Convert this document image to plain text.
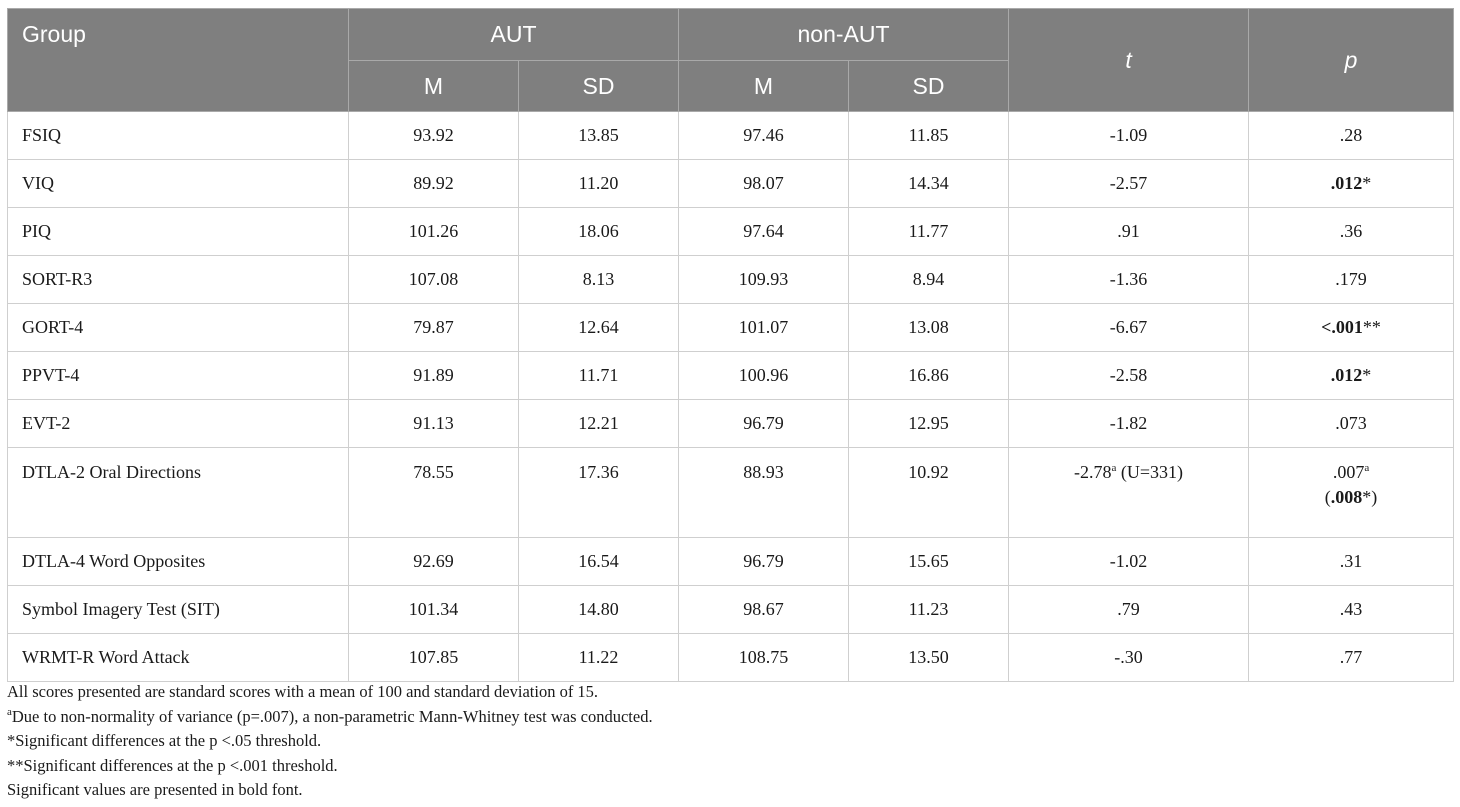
Group	AUT		non-AUT		t	p
	M	SD	M	SD		
FSIQ	93.92	13.85	97.46	11.85	-1.09	.28
VIQ	89.92	11.20	98.07	14.34	-2.57	.012*
PIQ	101.26	18.06	97.64	11.77	.91	.36
SORT-R3	107.08	8.13	109.93	8.94	-1.36	.179
GORT-4	79.87	12.64	101.07	13.08	-6.67	<.001**
PPVT-4	91.89	11.71	100.96	16.86	-2.58	.012*
EVT-2	91.13	12.21	96.79	12.95	-1.82	.073
DTLA-2 Oral Directions	78.55	17.36	88.93	10.92	-2.78$^a$ (U=331)	.007$^a$
(.008*)

DTLA-4 Word Opposites	92.69	16.54	96.79	15.65	-1.02	.31
Symbol Imagery Test (SIT)	101.34	14.80	98.67	11.23	.79	.43
WRMT-R Word Attack	107.85	11.22	108.75	13.50	-.30	.77
All scores presented are standard scores with a mean of 100 and standard deviation of 15.
$^a$Due to non-normality of variance (p=.007), a non-parametric Mann-Whitney test was conducted.
*Significant differences at the p <.05 threshold.
**Significant differences at the p <.001 threshold.
Significant values are presented in bold font.
